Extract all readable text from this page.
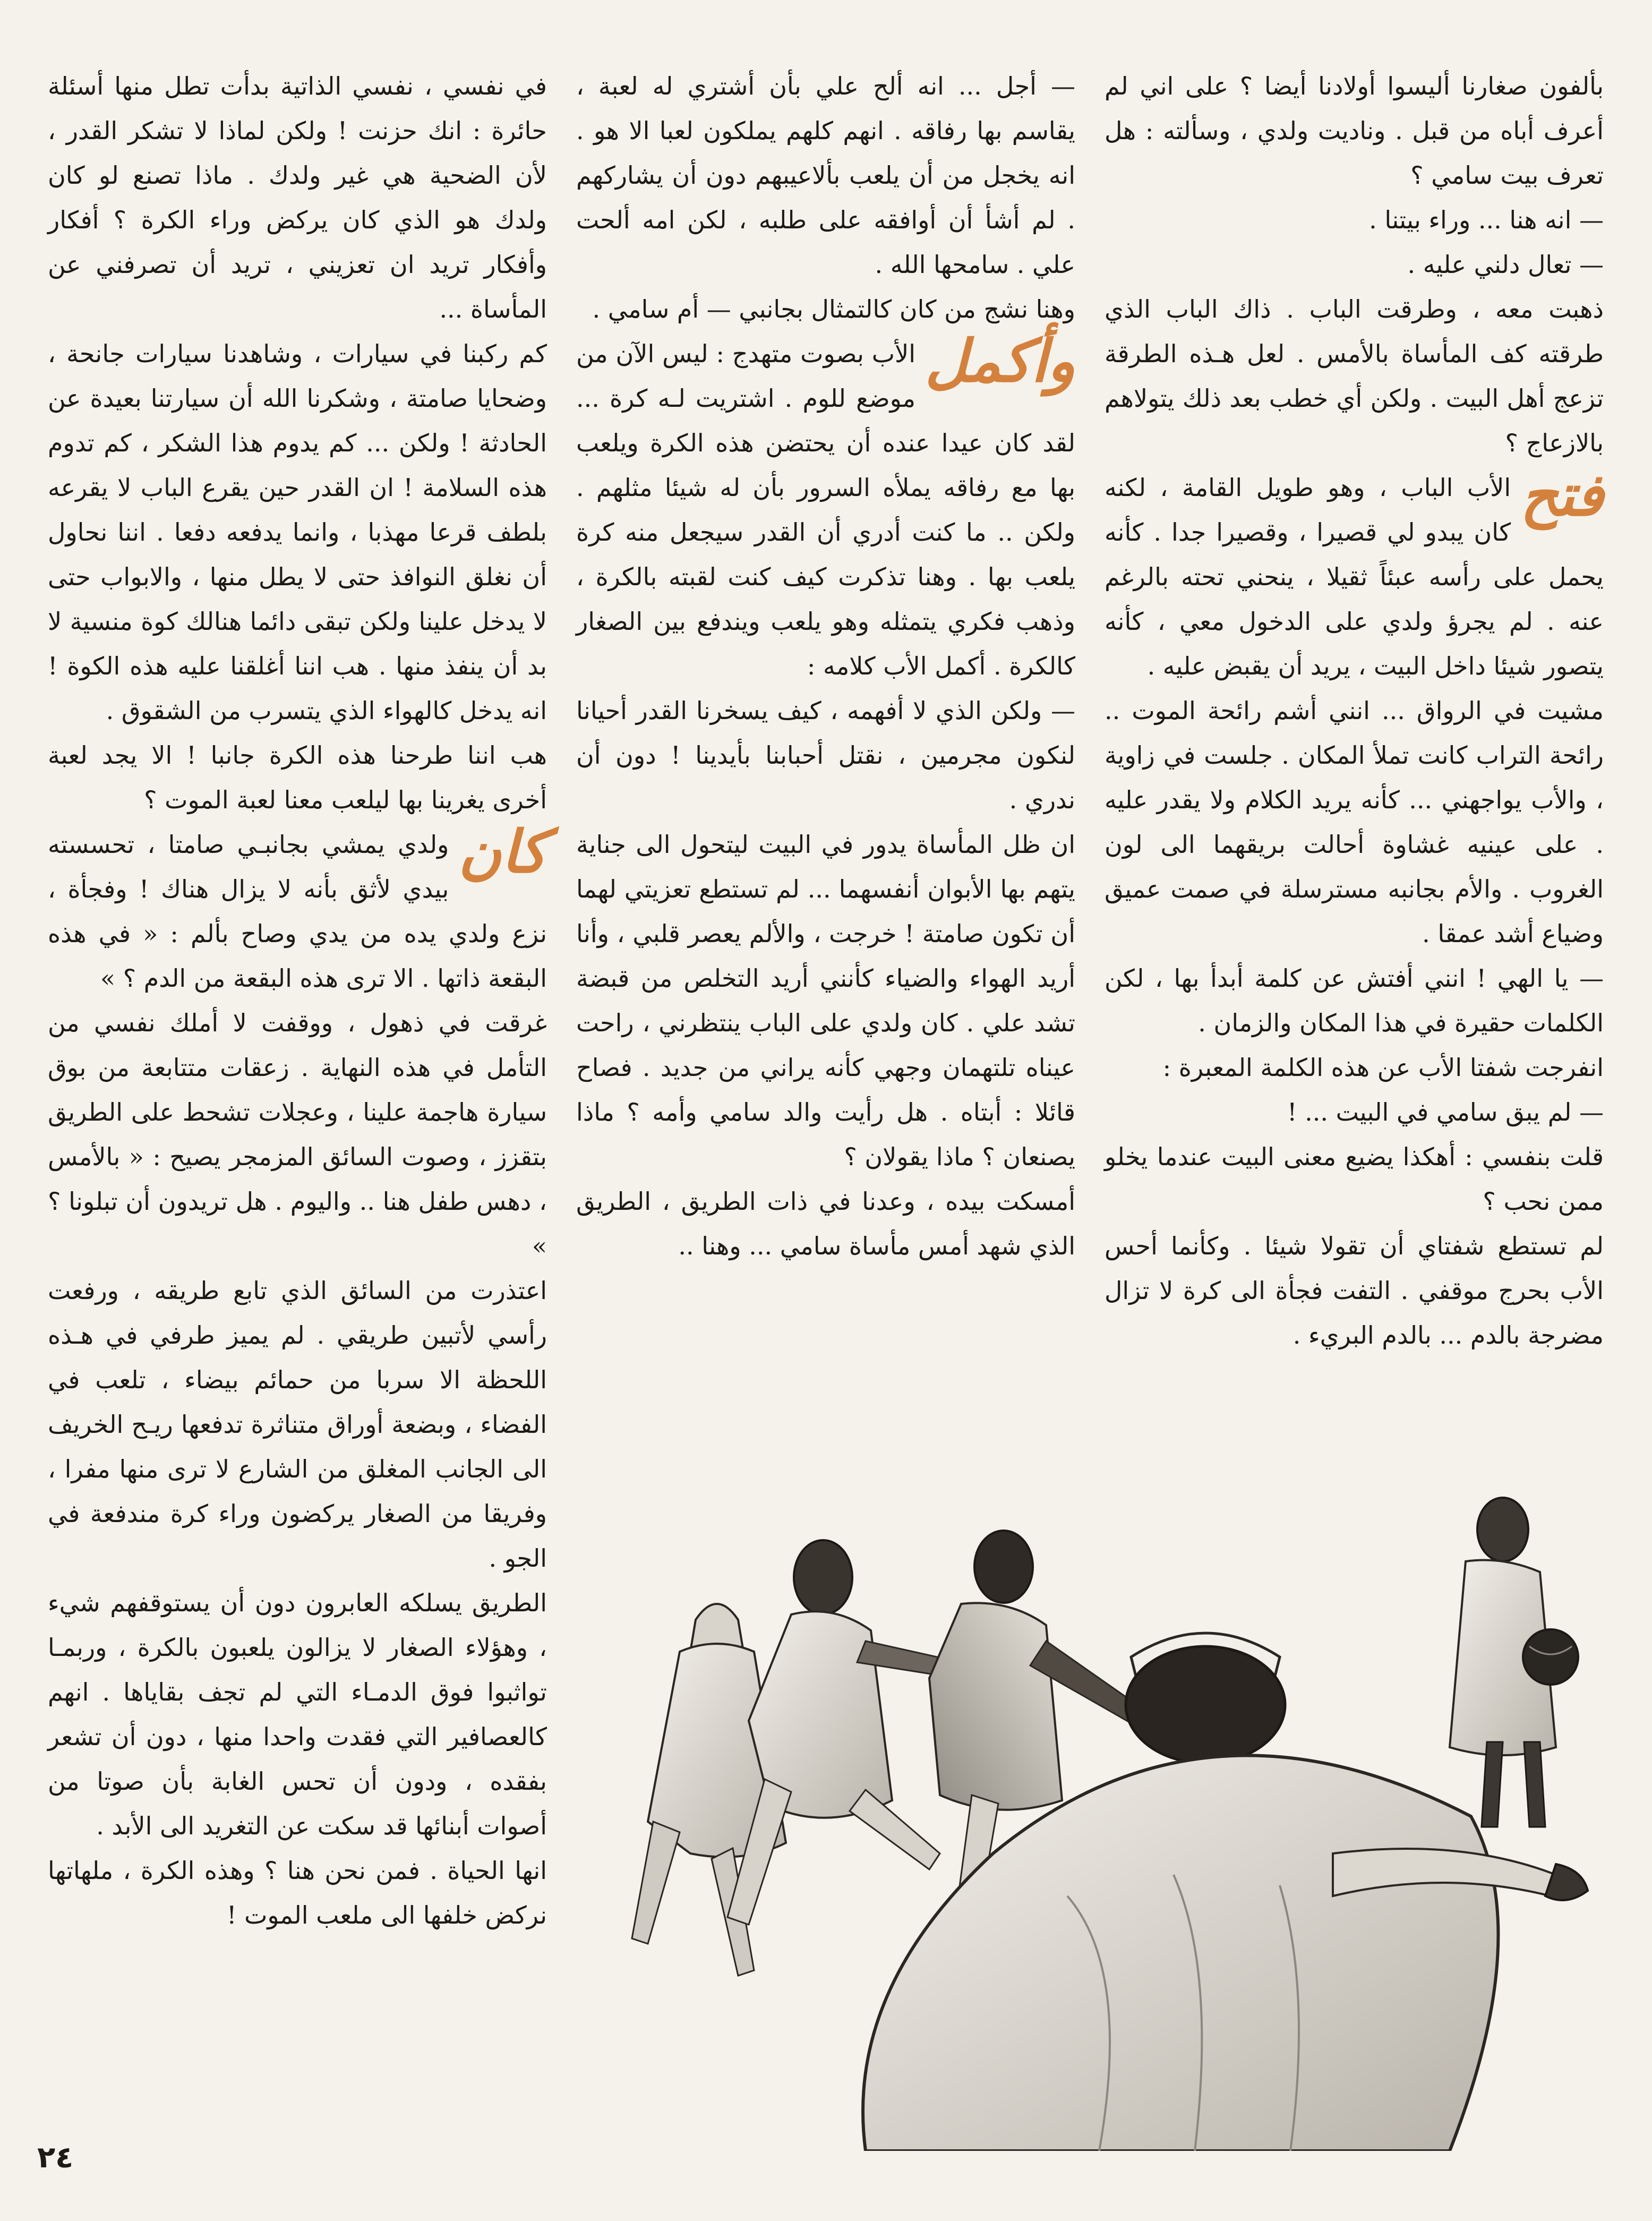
بألفون صغارنا أليسوا أولادنا أيضا ؟ على اني لم أعرف أباه من قبل . وناديت ولدي ، وسألته : هل تعرف بيت سامي ؟

— انه هنا ... وراء بيتنا .

— تعال دلني عليه .

ذهبت معه ، وطرقت الباب . ذاك الباب الذي طرقته كف المأساة بالأمس . لعل هـذه الطرقة تزعج أهل البيت . ولكن أي خطب بعد ذلك يتولاهم بالازعاج ؟

فتح
الأب الباب ، وهو طويل القامة ، لكنه كان يبدو لي قصيرا ، وقصيرا جدا . كأنه يحمل على رأسه عبئاً ثقيلا ، ينحني تحته بالرغم عنه . لم يجرؤ ولدي على الدخول معي ، كأنه يتصور شيئا داخل البيت ، يريد أن يقبض عليه .

مشيت في الرواق ... انني أشم رائحة الموت .. رائحة التراب كانت تملأ المكان . جلست في زاوية ، والأب يواجهني ... كأنه يريد الكلام ولا يقدر عليه . على عينيه غشاوة أحالت بريقهما الى لون الغروب . والأم بجانبه مسترسلة في صمت عميق وضياع أشد عمقا .

— يا الهي ! انني أفتش عن كلمة أبدأ بها ، لكن الكلمات حقيرة في هذا المكان والزمان .

انفرجت شفتا الأب عن هذه الكلمة المعبرة :

— لم يبق سامي في البيت ... !

قلت بنفسي : أهكذا يضيع معنى البيت عندما يخلو ممن نحب ؟

لم تستطع شفتاي أن تقولا شيئا . وكأنما أحس الأب بحرج موقفي . التفت فجأة الى كرة لا تزال مضرجة بالدم ... بالدم البريء .

— أجل ... انه ألح علي بأن أشتري له لعبة ، يقاسم بها رفاقه . انهم كلهم يملكون لعبا الا هو . انه يخجل من أن يلعب بألاعيبهم دون أن يشاركهم . لم أشأ أن أوافقه على طلبه ، لكن امه ألحت علي . سامحها الله .

وهنا نشج من كان كالتمثال بجانبي — أم سامي .

وأكمل
الأب بصوت متهدج : ليس الآن من موضع للوم . اشتريت لـه كرة ... لقد كان عيدا عنده أن يحتضن هذه الكرة ويلعب بها مع رفاقه يملأه السرور بأن له شيئا مثلهم . ولكن .. ما كنت أدري أن القدر سيجعل منه كرة يلعب بها . وهنا تذكرت كيف كنت لقبته بالكرة ، وذهب فكري يتمثله وهو يلعب ويندفع بين الصغار كالكرة . أكمل الأب كلامه :

— ولكن الذي لا أفهمه ، كيف يسخرنا القدر أحيانا لنكون مجرمين ، نقتل أحبابنا بأيدينا ! دون أن ندري .

ان ظل المأساة يدور في البيت ليتحول الى جناية يتهم بها الأبوان أنفسهما ... لم تستطع تعزيتي لهما أن تكون صامتة ! خرجت ، والألم يعصر قلبي ، وأنا أريد الهواء والضياء كأنني أريد التخلص من قبضة تشد علي . كان ولدي على الباب ينتظرني ، راحت عيناه تلتهمان وجهي كأنه يراني من جديد . فصاح قائلا : أبتاه . هل رأيت والد سامي وأمه ؟ ماذا يصنعان ؟ ماذا يقولان ؟

أمسكت بيده ، وعدنا في ذات الطريق ، الطريق الذي شهد أمس مأساة سامي ... وهنا ..

في نفسي ، نفسي الذاتية بدأت تطل منها أسئلة حائرة : انك حزنت ! ولكن لماذا لا تشكر القدر ، لأن الضحية هي غير ولدك . ماذا تصنع لو كان ولدك هو الذي كان يركض وراء الكرة ؟ أفكار وأفكار تريد ان تعزيني ، تريد أن تصرفني عن المأساة ...

كم ركبنا في سيارات ، وشاهدنا سيارات جانحة ، وضحايا صامتة ، وشكرنا الله أن سيارتنا بعيدة عن الحادثة ! ولكن ... كم يدوم هذا الشكر ، كم تدوم هذه السلامة ! ان القدر حين يقرع الباب لا يقرعه بلطف قرعا مهذبا ، وانما يدفعه دفعا . اننا نحاول أن نغلق النوافذ حتى لا يطل منها ، والابواب حتى لا يدخل علينا ولكن تبقى دائما هنالك كوة منسية لا بد أن ينفذ منها . هب اننا أغلقنا عليه هذه الكوة ! انه يدخل كالهواء الذي يتسرب من الشقوق .

هب اننا طرحنا هذه الكرة جانبا ! الا يجد لعبة أخرى يغرينا بها ليلعب معنا لعبة الموت ؟

كان
ولدي يمشي بجانبـي صامتا ، تحسسته بيدي لأثق بأنه لا يزال هناك ! وفجأة ، نزع ولدي يده من يدي وصاح بألم : « في هذه البقعة ذاتها . الا ترى هذه البقعة من الدم ؟ »

غرقت في ذهول ، ووقفت لا أملك نفسي من التأمل في هذه النهاية . زعقات متتابعة من بوق سيارة هاجمة علينا ، وعجلات تشحط على الطريق بتقزز ، وصوت السائق المزمجر يصيح : « بالأمس ، دهس طفل هنا .. واليوم . هل تريدون أن تبلونا ؟ »

اعتذرت من السائق الذي تابع طريقه ، ورفعت رأسي لأتبين طريقي . لم يميز طرفي في هـذه اللحظة الا سربا من حمائم بيضاء ، تلعب في الفضاء ، وبضعة أوراق متناثرة تدفعها ريـح الخريف الى الجانب المغلق من الشارع لا ترى منها مفرا ، وفريقا من الصغار يركضون وراء كرة مندفعة في الجو .

الطريق يسلكه العابرون دون أن يستوقفهم شيء ، وهؤلاء الصغار لا يزالون يلعبون بالكرة ، وربمـا تواثبوا فوق الدمـاء التي لم تجف بقاياها . انهم كالعصافير التي فقدت واحدا منها ، دون أن تشعر بفقده ، ودون أن تحس الغابة بأن صوتا من أصوات أبنائها قد سكت عن التغريد الى الأبد .

انها الحياة . فمن نحن هنا ؟ وهذه الكرة ، ملهاتها نركض خلفها الى ملعب الموت !

٢٤
